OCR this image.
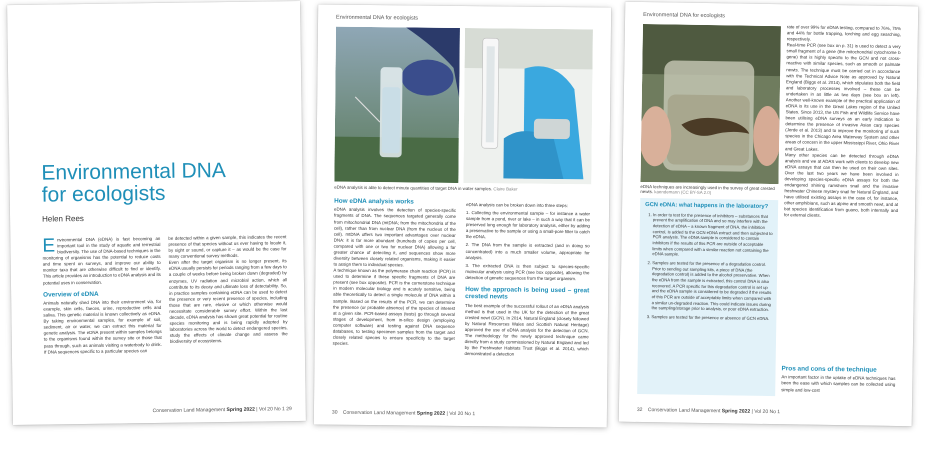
Environmental DNA
for ecologists
Helen Rees

Environmental DNA (eDNA) is fast becoming an important tool in the study of aquatic and terrestrial biodiversity. The use of DNA-based techniques in the monitoring of organisms has the potential to reduce costs and time spent on surveys, and improve our ability to monitor taxa that are otherwise difficult to find or identify. This article provides an introduction to eDNA analysis and its potential uses in conservation.

Overview of eDNA

Animals naturally shed DNA into their environment via, for example, skin cells, faeces, urine, reproductive cells and saliva. This genetic material is known collectively as eDNA. By taking environmental samples, for example of soil, sediment, air or water, we can extract this material for genetic analysis. The eDNA present within samples belongs to the organisms found within the survey site or those that pass through, such as animals visiting a waterbody to drink. If DNA sequences specific to a particular species can

be detected within a given sample, this indicates the recent presence of that species without us ever having to locate it, by sight or sound, or capture it – as would be the case for many conventional survey methods.
Even after the target organism is no longer present, its eDNA usually persists for periods ranging from a few days to a couple of weeks before being broken down (degraded) by enzymes, UV radiation and microbial action, which all contribute to its decay and ultimate loss of detectability. So, in practice samples containing eDNA can be used to detect the presence or very recent presence of species, including those that are rare, elusive or which otherwise would necessitate considerable survey effort. Within the last decade, eDNA analysis has shown great potential for routine species monitoring and is being rapidly adopted by laboratories across the world to detect endangered species, study the effects of climate change and assess the biodiversity of ecosystems.
Conservation Land Management Spring 2022 | Vol 20 No 1 29
Environmental DNA for ecologists
eDNA analysis is able to detect minute quantities of target DNA in water samples. Claire Baker
How eDNA analysis works

eDNA analysis involves the detection of species-specific fragments of DNA. The sequences targeted generally come from mitochondrial DNA (mtDNA; from the mitochondria of the cell), rather than from nuclear DNA (from the nucleus of the cell). mtDNA offers two important advantages over nuclear DNA: it is far more abundant (hundreds of copies per cell, compared with one or two for nuclear DNA) allowing a far greater chance of detecting it, and sequences show more diversity between closely related organisms, making it easier to assign them to individual species.
A technique known as the polymerase chain reaction (PCR) is used to determine if these specific fragments of DNA are present (see box opposite). PCR is the cornerstone technique in modern molecular biology and is acutely sensitive, being able theoretically to detect a single molecule of DNA within a sample. Based on the results of the PCR, we can determine the presence (or probable absence) of the species of interest at a given site. PCR-based assays (tests) go through several stages of development, from in-silico design (employing computer software) and testing against DNA sequence databases, to testing specimen samples from the target and closely related species to ensure specificity to the target species.

eDNA analysis can be broken down into three steps:

1. Collecting the environmental sample – for instance a water sample from a pond, river or lake – in such a way that it can be preserved long enough for laboratory analysis, either by adding a preservative to the sample or using a small-pore filter to catch the eDNA.

2. The DNA from the sample is extracted (and in doing so concentrated) into a much smaller volume, appropriate for analysis.

3. The extracted DNA is then subject to species-specific molecular analysis using PCR (see box opposite), allowing the detection of genetic sequences from the target organism.

How the approach is being used – great crested newts

The best example of the successful rollout of an eDNA analysis method is that used in the UK for the detection of the great crested newt (GCN). In 2014, Natural England (closely followed by Natural Resources Wales and Scottish Natural Heritage) approved the use of eDNA analysis for the detection of GCN. The methodology for the newly approved technique came directly from a study commissioned by Natural England and led by the Freshwater Habitats Trust (Biggs et al. 2014), which demonstrated a detection

30 Conservation Land Management Spring 2022 | Vol 20 No 1
Environmental DNA for ecologists
eDNA techniques are increasingly used in the survey of great crested newts. kaendemann (CC BY-SA 2.0)
GCN eDNA: what happens in the laboratory?
1. In order to test for the presence of inhibitors – substances that prevent the amplification of DNA and so may interfere with the detection of eDNA – a known fragment of DNA, the inhibition control, is added to the GCN eDNA extract and then subjected to PCR analysis. The eDNA sample is considered to contain inhibitors if the results of this PCR are outside of acceptable limits when compared with a similar reaction not containing the eDNA sample.
2. Samples are tested for the presence of a degradation control. Prior to sending out sampling kits, a piece of DNA (the degradation control) is added to the alcohol preservative. When the eDNA from the sample is extracted, this control DNA is also recovered. A PCR specific for this degradation control is set up and the eDNA sample is considered to be degraded if the results of this PCR are outside of acceptable limits when compared with a similar un-degraded reaction. This could indicate issues during the sampling/storage prior to analysis, or poor eDNA extraction.
3. Samples are tested for the presence or absence of GCN eDNA.
rate of over 99% for eDNA testing, compared to 76%, 75% and 44% for bottle trapping, torching and egg searching, respectively.
Real-time PCR (see box on p. 31) is used to detect a very small fragment of a gene (the mitochondrial cytochrome b gene) that is highly specific to the GCN and not cross-reactive with similar species, such as smooth or palmate newts. The technique must be carried out in accordance with the Technical Advice Note as approved by Natural England (Biggs et al. 2014), which stipulates both the field and laboratory processes involved – these can be undertaken in as little as two days (see box on left). Another well-known example of the practical application of eDNA is its use in the Great Lakes region of the United States. Since 2013, the US Fish and Wildlife Service have been utilising eDNA surveys as an early indication to determine the presence of invasive Asian carp species (Jerde et al. 2013) and to improve the monitoring of such species in the Chicago Area Waterway System and other areas of concern in the upper Mississippi River, Ohio River and Great Lakes.
Many other species can be detected through eDNA analysis and we at ADAS work with clients to develop new eDNA assays that can then be used on their own sites. Over the last two years we have been involved in developing species-specific eDNA assays for both the endangered shining ramshorn snail and the invasive freshwater Chinese mystery snail for Natural England, and have utilised existing assays in the case of, for instance, other amphibians, such as alpine and smooth newt, and at bat species identification from guano, both internally and for external clients.
Pros and cons of the technique

An important factor in the uptake of eDNA techniques has been the ease with which samples can be collected using simple and low-cost

32 Conservation Land Management Spring 2022 | Vol 20 No 1
